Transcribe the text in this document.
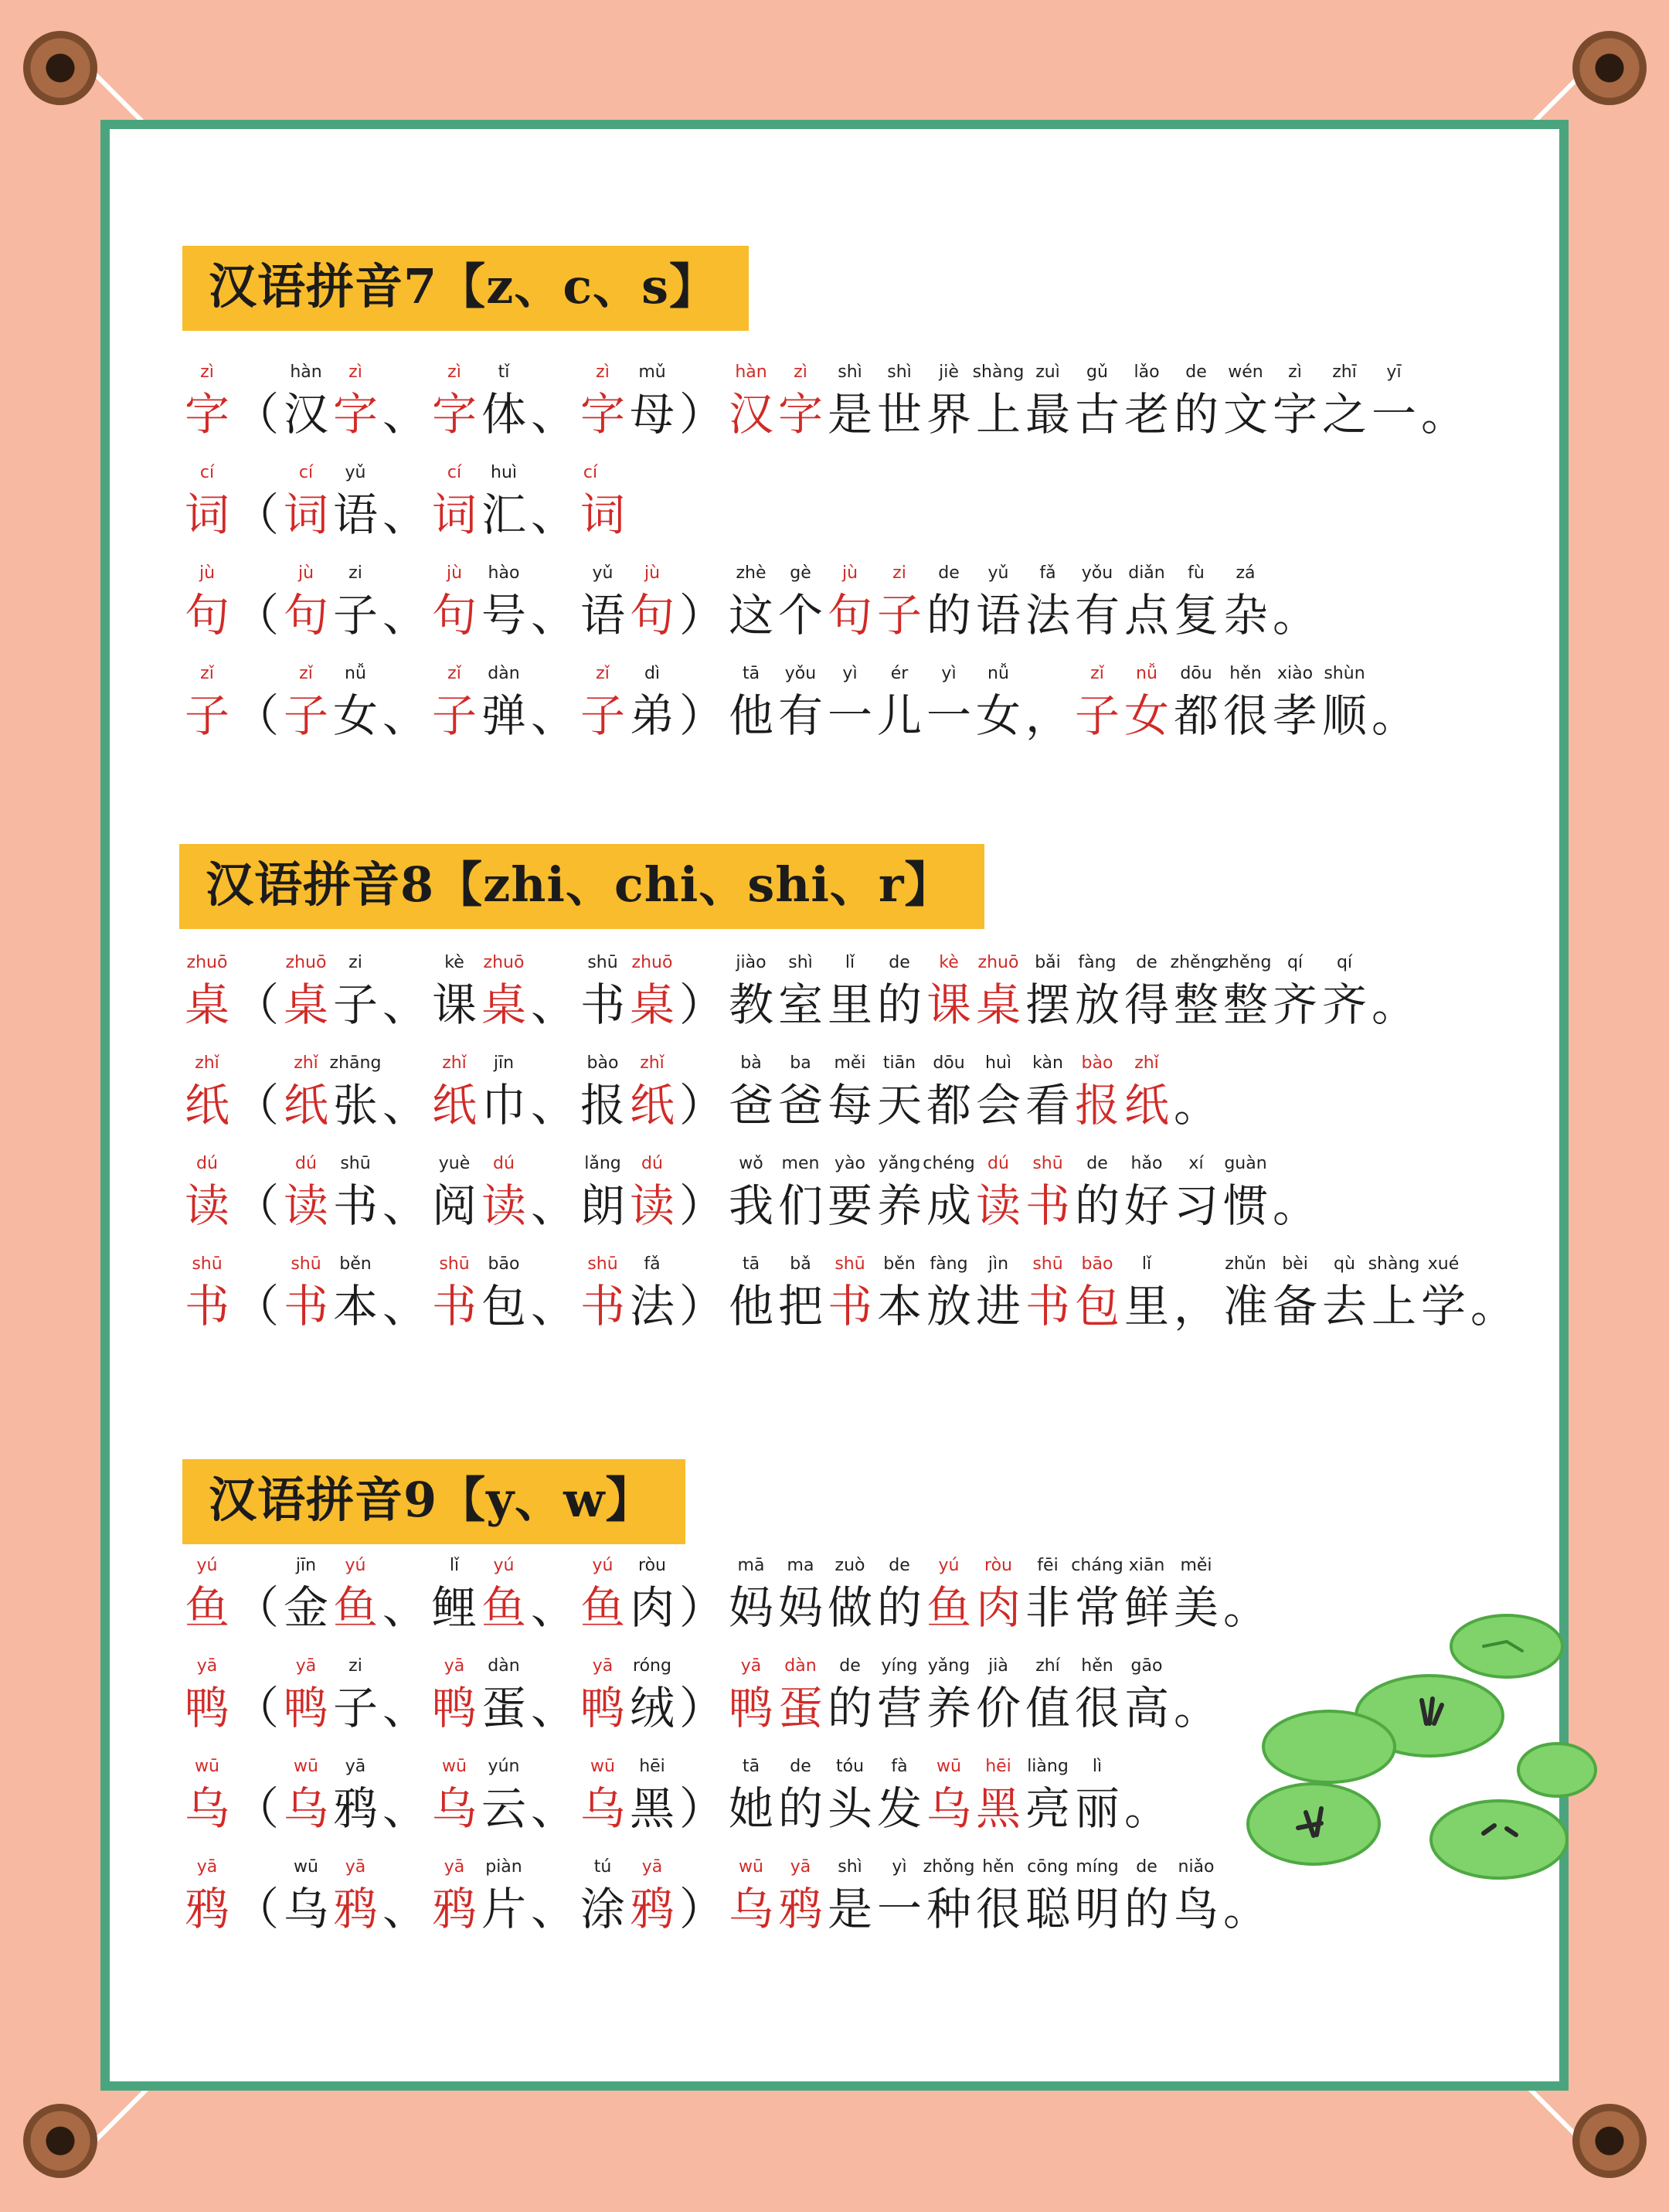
汉语拼音7【z、c、s】
zì
字 （
hàn
汉
zì
字 、
zì
字
tǐ
体 、
zì
字
mǔ
母 ）
hàn
汉
zì
字
shì
是
shì
世
jiè
界
shàng
上
zuì
最
gǔ
古
lǎo
老
de
的
wén
文
zì
字
zhī
之
yī
一 。
cí
词 （
cí
词
yǔ
语 、
cí
词
huì
汇 、
cí
词
jù
句 （
jù
句
zi
子 、
jù
句
hào
号 、
yǔ
语
jù
句 ）
zhè
这
gè
个
jù
句
zi
子
de
的
yǔ
语
fǎ
法
yǒu
有
diǎn
点
fù
复
zá
杂 。
zǐ
子 （
zǐ
子
nǚ
女 、
zǐ
子
dàn
弹 、
zǐ
子
dì
弟 ）
tā
他
yǒu
有
yì
一
ér
儿
yì
一
nǚ
女 ，
zǐ
子
nǚ
女
dōu
都
hěn
很
xiào
孝
shùn
顺 。
汉语拼音8【zhi、chi、shi、r】
zhuō
桌 （
zhuō
桌
zi
子 、
kè
课
zhuō
桌 、
shū
书
zhuō
桌 ）
jiào
教
shì
室
lǐ
里
de
的
kè
课
zhuō
桌
bǎi
摆
fàng
放
de
得
zhěng
整
zhěng
整
qí
齐
qí
齐 。
zhǐ
纸 （
zhǐ
纸
zhāng
张 、
zhǐ
纸
jīn
巾 、
bào
报
zhǐ
纸 ）
bà
爸
ba
爸
měi
每
tiān
天
dōu
都
huì
会
kàn
看
bào
报
zhǐ
纸 。
dú
读 （
dú
读
shū
书 、
yuè
阅
dú
读 、
lǎng
朗
dú
读 ）
wǒ
我
men
们
yào
要
yǎng
养
chéng
成
dú
读
shū
书
de
的
hǎo
好
xí
习
guàn
惯 。
shū
书 （
shū
书
běn
本 、
shū
书
bāo
包 、
shū
书
fǎ
法 ）
tā
他
bǎ
把
shū
书
běn
本
fàng
放
jìn
进
shū
书
bāo
包
lǐ
里 ，
zhǔn
准
bèi
备
qù
去
shàng
上
xué
学 。
汉语拼音9【y、w】
yú
鱼 （
jīn
金
yú
鱼 、
lǐ
鲤
yú
鱼 、
yú
鱼
ròu
肉 ）
mā
妈
ma
妈
zuò
做
de
的
yú
鱼
ròu
肉
fēi
非
cháng
常
xiān
鲜
měi
美 。
yā
鸭 （
yā
鸭
zi
子 、
yā
鸭
dàn
蛋 、
yā
鸭
róng
绒 ）
yā
鸭
dàn
蛋
de
的
yíng
营
yǎng
养
jià
价
zhí
值
hěn
很
gāo
高 。
wū
乌 （
wū
乌
yā
鸦 、
wū
乌
yún
云 、
wū
乌
hēi
黑 ）
tā
她
de
的
tóu
头
fà
发
wū
乌
hēi
黑
liàng
亮
lì
丽 。
yā
鸦 （
wū
乌
yā
鸦 、
yā
鸦
piàn
片 、
tú
涂
yā
鸦 ）
wū
乌
yā
鸦
shì
是
yì
一
zhǒng
种
hěn
很
cōng
聪
míng
明
de
的
niǎo
鸟 。
